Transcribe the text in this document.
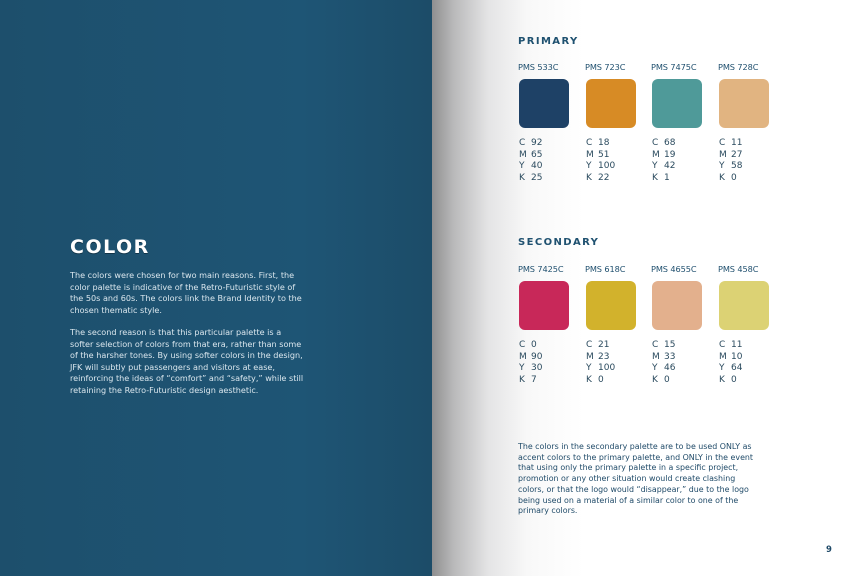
COLOR
The colors were chosen for two main reasons. First, the color palette is indicative of the Retro-Futuristic style of the 50s and 60s. The colors link the Brand Identity to the chosen thematic style.
The second reason is that this particular palette is a softer selection of colors from that era, rather than some of the harsher tones. By using softer colors in the design, JFK will subtly put passengers and visitors at ease, reinforcing the ideas of “comfort” and “safety,” while still retaining the Retro-Futuristic design aesthetic.
PRIMARY
SECONDARY
PMS 533C
C 92
M 65
Y 40
K 25
PMS 723C
C 18
M 51
Y 100
K 22
PMS 7475C
C 68
M 19
Y 42
K 1
PMS 728C
C 11
M 27
Y 58
K 0
PMS 7425C
C 0
M 90
Y 30
K 7
PMS 618C
C 21
M 23
Y 100
K 0
PMS 4655C
C 15
M 33
Y 46
K 0
PMS 458C
C 11
M 10
Y 64
K 0
The colors in the secondary palette are to be used ONLY as accent colors to the primary palette, and ONLY in the event that using only the primary palette in a specific project, promotion or any other situation would create clashing colors, or that the logo would “disappear,” due to the logo being used on a material of a similar color to one of the primary colors.
9
